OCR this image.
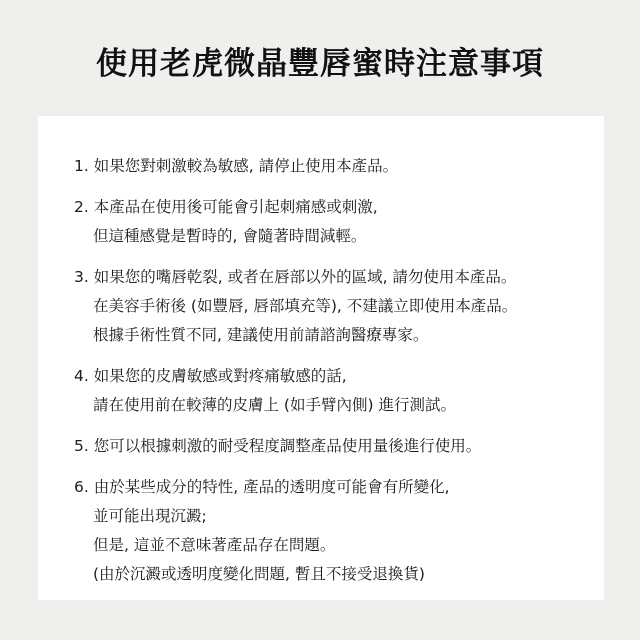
使用老虎微晶豐唇蜜時注意事項
1. 如果您對刺激較為敏感, 請停止使用本產品。
2. 本產品在使用後可能會引起刺痛感或刺激,
但這種感覺是暫時的, 會隨著時間減輕。
3. 如果您的嘴唇乾裂, 或者在唇部以外的區域, 請勿使用本產品。
在美容手術後 (如豐唇, 唇部填充等), 不建議立即使用本產品。
根據手術性質不同, 建議使用前請諮詢醫療專家。
4. 如果您的皮膚敏感或對疼痛敏感的話,
請在使用前在較薄的皮膚上 (如手臂內側) 進行測試。
5. 您可以根據刺激的耐受程度調整產品使用量後進行使用。
6. 由於某些成分的特性, 產品的透明度可能會有所變化,
並可能出現沉澱;
但是, 這並不意味著產品存在問題。
(由於沉澱或透明度變化問題, 暫且不接受退換貨)
